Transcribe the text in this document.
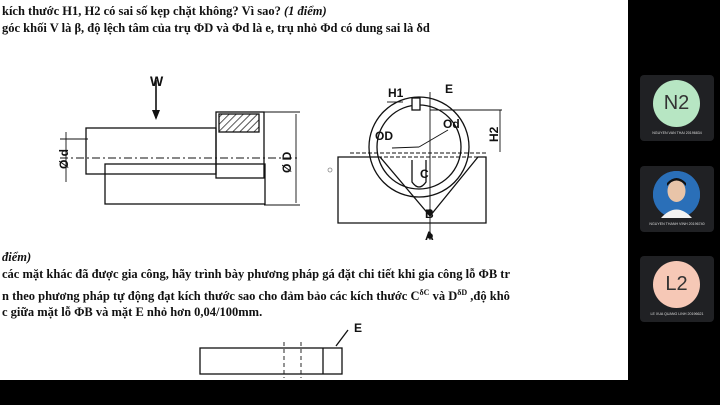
kích thước H1, H2 có sai số kẹp chặt không? Vì sao? (1 điểm)
góc khối V là β, độ lệch tâm của trụ ΦD và Φd là e, trụ nhỏ Φd có dung sai là δd
Ø d	Ø D
W
H1	E
OD
Od
H2
C
B
A
điểm)
các mặt khác đã được gia công, hãy trình bày phương pháp gá đặt chi tiết khi gia công lỗ ΦB tr
n theo phương pháp tự động đạt kích thước sao cho đảm bảo các kích thước $C^{\delta C}$ và $D^{\delta D}$ ,độ khô
c giữa mặt lỗ ΦB và mặt E nhỏ hơn 0,04/100mm.
E
N2
NGUYEN VAN THAI 20196834
NGUYEN THANH VINH 20196740
L2
LE XUA QUANG LINH 20196621
